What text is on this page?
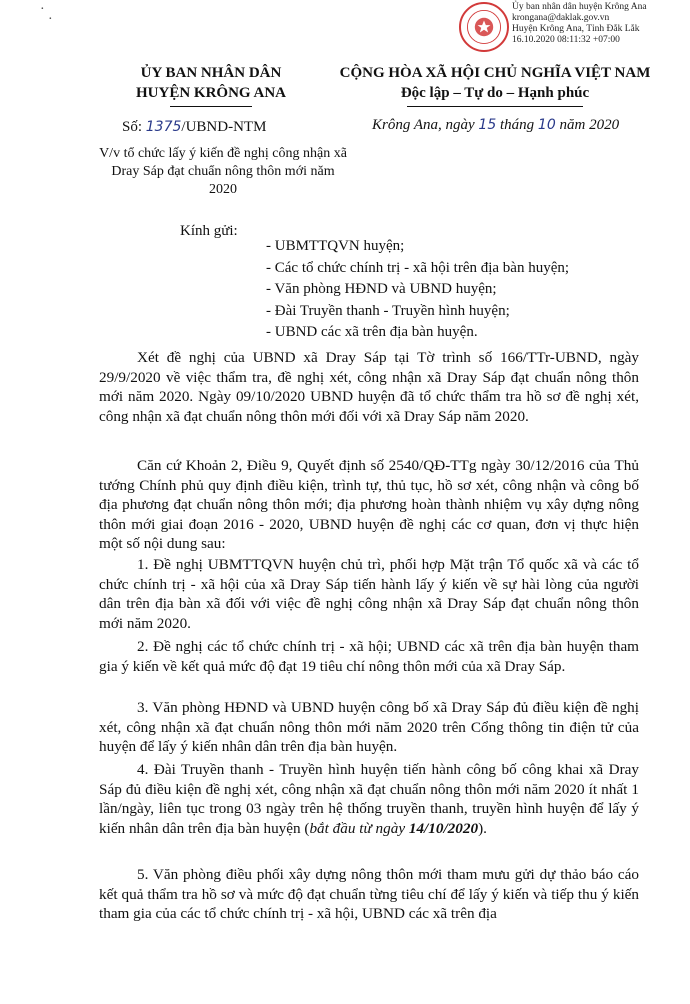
·
·
Ủy ban nhân dân huyện Krông Ana
krongana@daklak.gov.vn
Huyện Krông Ana, Tỉnh Đắk Lắk
16.10.2020 08:11:32 +07:00
ỦY BAN NHÂN DÂN
HUYỆN KRÔNG ANA
CỘNG HÒA XÃ HỘI CHỦ NGHĨA VIỆT NAM
Độc lập – Tự do – Hạnh phúc
Số: 1375/UBND-NTM	Krông Ana, ngày 15 tháng 10 năm 2020
V/v tổ chức lấy ý kiến đề nghị công nhận xã Dray Sáp đạt chuẩn nông thôn mới năm 2020
Kính gửi:
- UBMTTQVN huyện;
- Các tổ chức chính trị - xã hội trên địa bàn huyện;
- Văn phòng HĐND và UBND huyện;
- Đài Truyền thanh - Truyền hình huyện;
- UBND các xã trên địa bàn huyện.

Xét đề nghị của UBND xã Dray Sáp tại Tờ trình số 166/TTr-UBND, ngày 29/9/2020 về việc thẩm tra, đề nghị xét, công nhận xã Dray Sáp đạt chuẩn nông thôn mới năm 2020. Ngày 09/10/2020 UBND huyện đã tổ chức thẩm tra hồ sơ đề nghị xét, công nhận xã đạt chuẩn nông thôn mới đối với xã Dray Sáp năm 2020.

Căn cứ Khoản 2, Điều 9, Quyết định số 2540/QĐ-TTg ngày 30/12/2016 của Thủ tướng Chính phủ quy định điều kiện, trình tự, thủ tục, hồ sơ xét, công nhận và công bố địa phương đạt chuẩn nông thôn mới; địa phương hoàn thành nhiệm vụ xây dựng nông thôn mới giai đoạn 2016 - 2020, UBND huyện đề nghị các cơ quan, đơn vị thực hiện một số nội dung sau:

1. Đề nghị UBMTTQVN huyện chủ trì, phối hợp Mặt trận Tổ quốc xã và các tổ chức chính trị - xã hội của xã Dray Sáp tiến hành lấy ý kiến về sự hài lòng của người dân trên địa bàn xã đối với việc đề nghị công nhận xã Dray Sáp đạt chuẩn nông thôn mới năm 2020.

2. Đề nghị các tổ chức chính trị - xã hội; UBND các xã trên địa bàn huyện tham gia ý kiến về kết quả mức độ đạt 19 tiêu chí nông thôn mới của xã Dray Sáp.

3. Văn phòng HĐND và UBND huyện công bố xã Dray Sáp đủ điều kiện đề nghị xét, công nhận xã đạt chuẩn nông thôn mới năm 2020 trên Cổng thông tin điện tử của huyện để lấy ý kiến nhân dân trên địa bàn huyện.

4. Đài Truyền thanh - Truyền hình huyện tiến hành công bố công khai xã Dray Sáp đủ điều kiện đề nghị xét, công nhận xã đạt chuẩn nông thôn mới năm 2020 ít nhất 1 lần/ngày, liên tục trong 03 ngày trên hệ thống truyền thanh, truyền hình huyện để lấy ý kiến nhân dân trên địa bàn huyện (bắt đầu từ ngày 14/10/2020).

5. Văn phòng điều phối xây dựng nông thôn mới tham mưu gửi dự thảo báo cáo kết quả thẩm tra hồ sơ và mức độ đạt chuẩn từng tiêu chí để lấy ý kiến và tiếp thu ý kiến tham gia của các tổ chức chính trị - xã hội, UBND các xã trên địa
